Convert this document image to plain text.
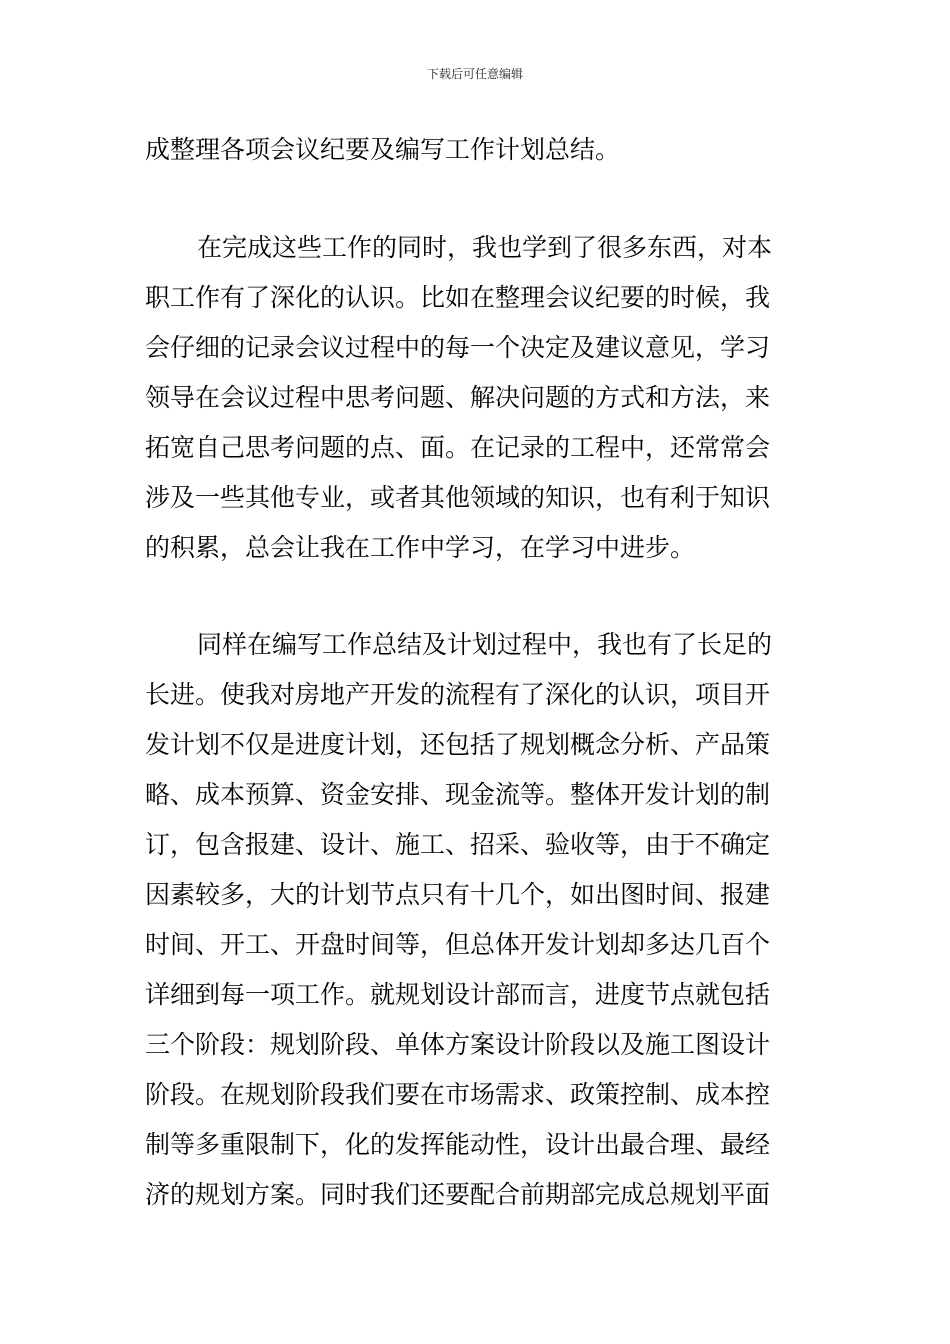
下载后可任意编辑
成整理各项会议纪要及编写工作计划总结。
在完成这些工作的同时，我也学到了很多东西，对本
职工作有了深化的认识。比如在整理会议纪要的时候，我
会仔细的记录会议过程中的每一个决定及建议意见，学习
领导在会议过程中思考问题、解决问题的方式和方法，来
拓宽自己思考问题的点、面。在记录的工程中，还常常会
涉及一些其他专业，或者其他领域的知识，也有利于知识
的积累，总会让我在工作中学习，在学习中进步。
同样在编写工作总结及计划过程中，我也有了长足的
长进。使我对房地产开发的流程有了深化的认识，项目开
发计划不仅是进度计划，还包括了规划概念分析、产品策
略、成本预算、资金安排、现金流等。整体开发计划的制
订，包含报建、设计、施工、招采、验收等，由于不确定
因素较多，大的计划节点只有十几个，如出图时间、报建
时间、开工、开盘时间等，但总体开发计划却多达几百个
详细到每一项工作。就规划设计部而言，进度节点就包括
三个阶段：规划阶段、单体方案设计阶段以及施工图设计
阶段。在规划阶段我们要在市场需求、政策控制、成本控
制等多重限制下，化的发挥能动性，设计出最合理、最经
济的规划方案。同时我们还要配合前期部完成总规划平面
